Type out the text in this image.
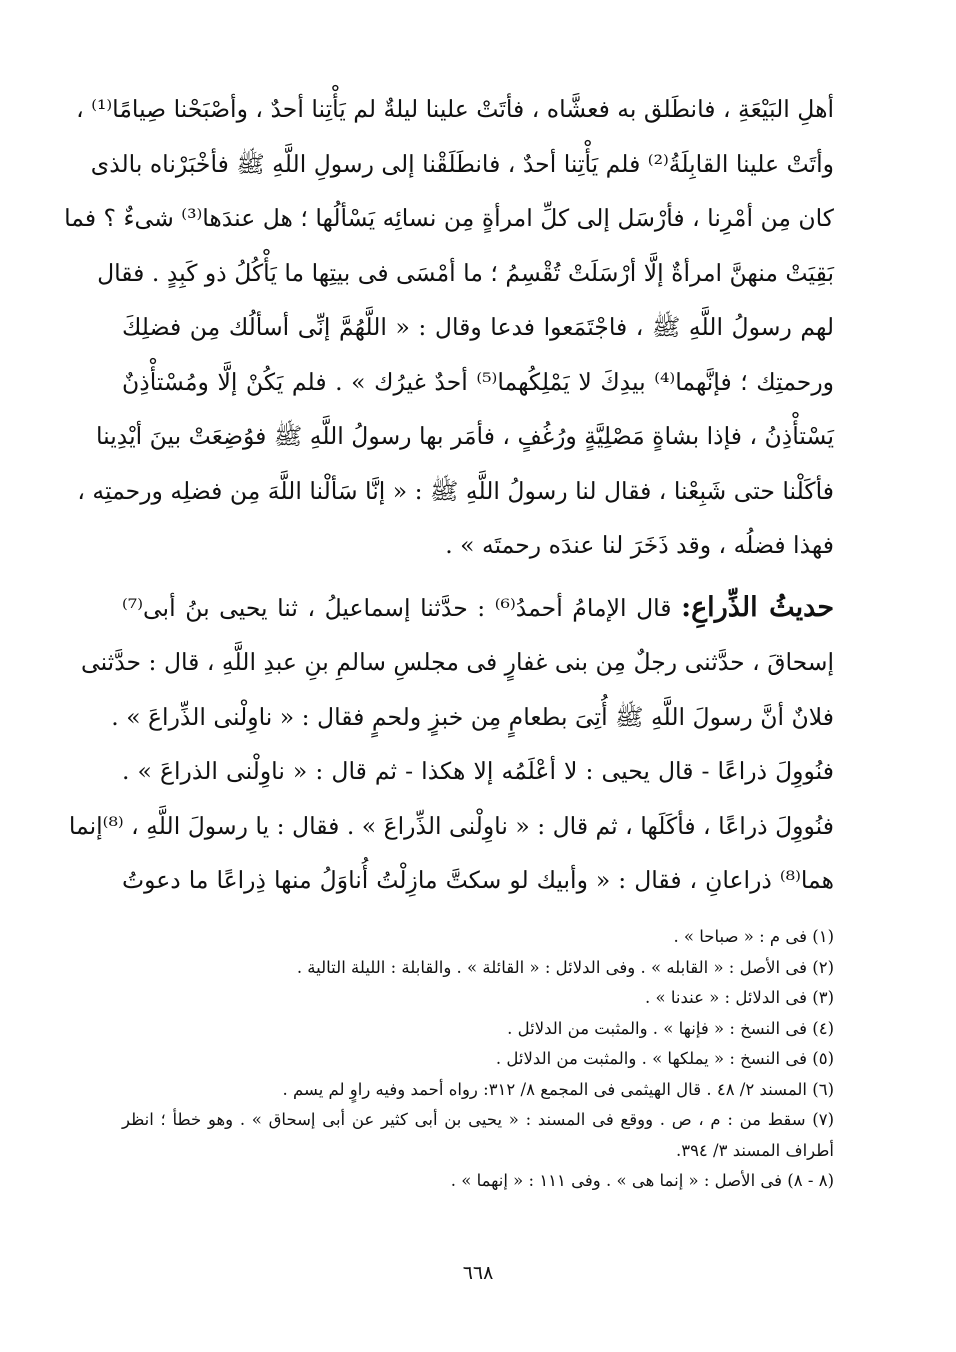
أهلِ البَيْعَةِ ، فانطَلق به فعشَّاه ، فأتَتْ علينا ليلةٌ لم يَأْتِنا أحدٌ ، وأصْبَحْنا صِيامًا⁽¹⁾ ،
وأتَتْ علينا القابِلَةُ⁽²⁾ فلم يَأْتِنا أحدٌ ، فانطَلَقْنا إلى رسولِ اللَّهِ ﷺ فأخْبَرْناه بالذى
كان مِن أمْرِنا ، فأرْسَل إلى كلِّ امرأةٍ مِن نسائِه يَسْألُها ؛ هل عندَها⁽³⁾ شىءٌ ؟ فما
بَقِيَتْ منهنَّ امرأةٌ إلَّا أرْسَلَتْ تُقْسِمُ ؛ ما أمْسَى فى بيتِها ما يَأْكُلُ ذو كَبِدٍ . فقال
لهم رسولُ اللَّهِ ﷺ ، فاجْتَمَعوا فدعا وقال : « اللَّهُمَّ إنِّى أسألُك مِن فضلِكَ
ورحمتِك ؛ فإنَّهما⁽⁴⁾ بيدِكَ لا يَمْلِكُهما⁽⁵⁾ أحدٌ غيرُك » . فلم يَكُنْ إلَّا ومُسْتأْذِنٌ
يَسْتأْذِنُ ، فإذا بشاةٍ مَصْلِيَّةٍ ورُغُفٍ ، فأمَر بها رسولُ اللَّهِ ﷺ فوُضِعَتْ بينَ أيْدِينا
فأكَلْنا حتى شَبِعْنا ، فقال لنا رسولُ اللَّهِ ﷺ : « إنَّا سَألْنا اللَّهَ مِن فضلِه ورحمتِه ،
فهذا فضلُه ، وقد ذَخَرَ لنا عندَه رحمتَه » .
حديثُ الذِّراعِ: قال الإمامُ أحمدُ⁽⁶⁾ : حدَّثنا إسماعيلُ ، ثنا يحيى بنُ أبى⁽⁷⁾
إسحاقَ ، حدَّثنى رجلٌ مِن بنى غفارٍ فى مجلسِ سالمِ بنِ عبدِ اللَّهِ ، قال : حدَّثنى
فلانٌ أنَّ رسولَ اللَّهِ ﷺ أُتِىَ بطعامٍ مِن خبزٍ ولحمٍ فقال : « ناوِلْنى الذِّراعَ » .
فنُووِلَ ذراعًا - قال يحيى : لا أعْلَمُه إلا هكذا - ثم قال : « ناوِلْنى الذراعَ » .
فنُووِلَ ذراعًا ، فأكَلَها ، ثم قال : « ناوِلْنى الذِّراعَ » . فقال : يا رسولَ اللَّهِ ، ⁽⁸⁾إنما
هما⁽⁸⁾ ذراعانِ ، فقال : « وأبيك لو سكتَّ مازِلْتُ أُناوَلُ منها ذِراعًا ما دعوتُ
(١) فى م : « صباحا » .
(٢) فى الأصل : « القابله » . وفى الدلائل : « القائلة » . والقابلة : الليلة التالية .
(٣) فى الدلائل : « عندنا » .
(٤) فى النسخ : « فإنها » . والمثبت من الدلائل .
(٥) فى النسخ : « يملكها » . والمثبت من الدلائل .
(٦) المسند ٢/ ٤٨ . قال الهيثمى فى المجمع ٨/ ٣١٢: رواه أحمد وفيه راوٍ لم يسم .
(٧) سقط من : م ، ص . ووقع فى المسند : « يحيى بن أبى كثير عن أبى إسحاق » . وهو خطأ ؛ انظر أطراف المسند ٣/ ٣٩٤.
(٨ - ٨) فى الأصل : « إنما هى » . وفى ١١١ : « إنهما » .
٦٦٨
